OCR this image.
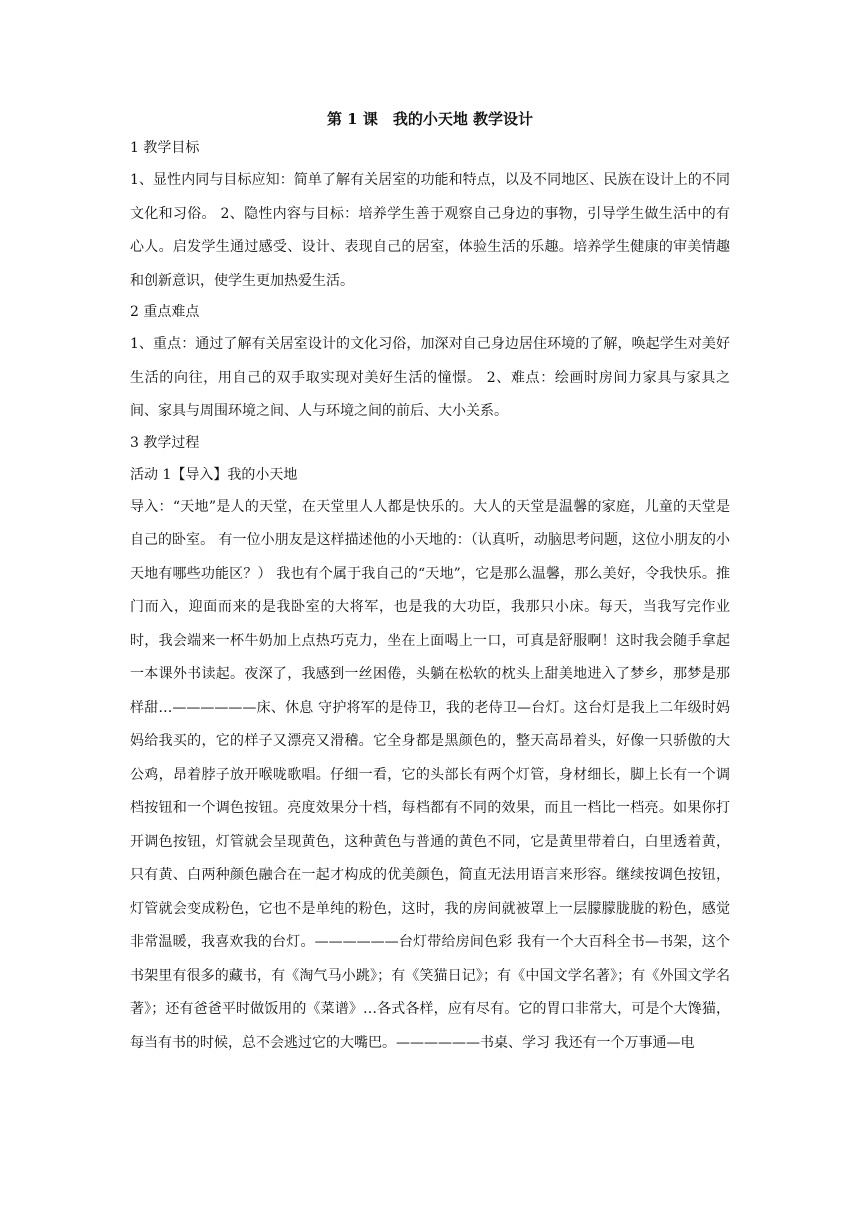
第 1 课　我的小天地 教学设计
1 教学目标

1、显性内同与目标应知：简单了解有关居室的功能和特点，以及不同地区、民族在设计上的不同文化和习俗。 2、隐性内容与目标：培养学生善于观察自己身边的事物，引导学生做生活中的有心人。启发学生通过感受、设计、表现自己的居室，体验生活的乐趣。培养学生健康的审美情趣和创新意识，使学生更加热爱生活。

2 重点难点

1、重点：通过了解有关居室设计的文化习俗，加深对自己身边居住环境的了解，唤起学生对美好生活的向往，用自己的双手取实现对美好生活的憧憬。 2、难点：绘画时房间力家具与家具之间、家具与周围环境之间、人与环境之间的前后、大小关系。

3 教学过程
活动 1【导入】我的小天地

导入：“天地”是人的天堂，在天堂里人人都是快乐的。大人的天堂是温馨的家庭，儿童的天堂是自己的卧室。 有一位小朋友是这样描述他的小天地的：（认真听，动脑思考问题，这位小朋友的小天地有哪些功能区？） 我也有个属于我自己的“天地”，它是那么温馨，那么美好，令我快乐。推门而入，迎面而来的是我卧室的大将军，也是我的大功臣，我那只小床。每天，当我写完作业时，我会端来一杯牛奶加上点热巧克力，坐在上面喝上一口，可真是舒服啊！这时我会随手拿起一本课外书读起。夜深了，我感到一丝困倦，头躺在松软的枕头上甜美地进入了梦乡，那梦是那样甜…——————床、休息 守护将军的是侍卫，我的老侍卫—台灯。这台灯是我上二年级时妈妈给我买的，它的样子又漂亮又滑稽。它全身都是黑颜色的，整天高昂着头，好像一只骄傲的大公鸡，昂着脖子放开喉咙歌唱。仔细一看，它的头部长有两个灯管，身材细长，脚上长有一个调档按钮和一个调色按钮。亮度效果分十档，每档都有不同的效果，而且一档比一档亮。如果你打开调色按钮，灯管就会呈现黄色，这种黄色与普通的黄色不同，它是黄里带着白，白里透着黄，只有黄、白两种颜色融合在一起才构成的优美颜色，简直无法用语言来形容。继续按调色按钮，灯管就会变成粉色，它也不是单纯的粉色，这时，我的房间就被罩上一层朦朦胧胧的粉色，感觉非常温暖，我喜欢我的台灯。——————台灯带给房间色彩 我有一个大百科全书—书架，这个书架里有很多的藏书，有《淘气马小跳》；有《笑猫日记》；有《中国文学名著》；有《外国文学名著》；还有爸爸平时做饭用的《菜谱》…各式各样，应有尽有。它的胃口非常大，可是个大馋猫，每当有书的时候，总不会逃过它的大嘴巴。——————书桌、学习 我还有一个万事通—电
